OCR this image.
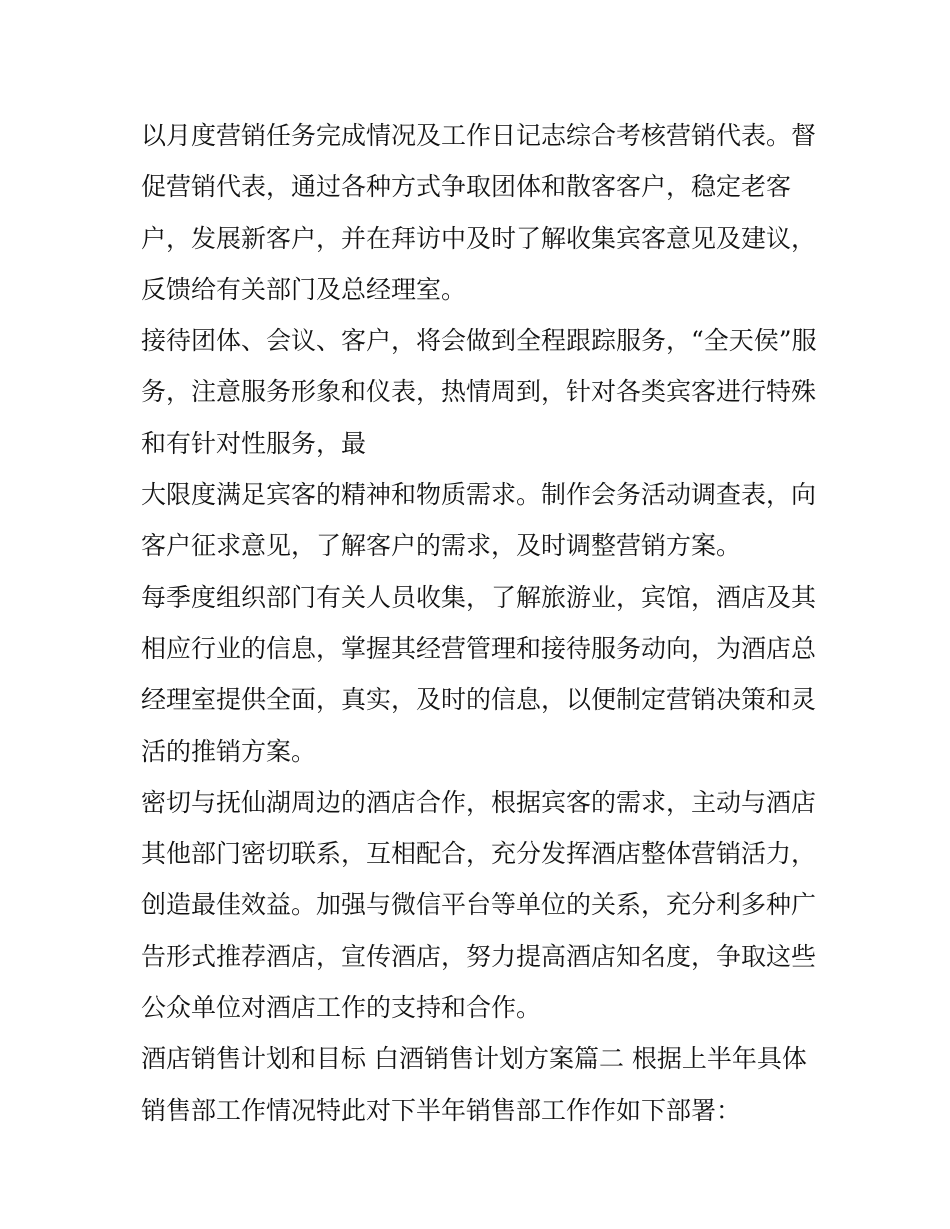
以月度营销任务完成情况及工作日记志综合考核营销代表。督
促营销代表，通过各种方式争取团体和散客客户，稳定老客
户，发展新客户，并在拜访中及时了解收集宾客意见及建议，
反馈给有关部门及总经理室。
接待团体、会议、客户，将会做到全程跟踪服务，“全天侯”服
务，注意服务形象和仪表，热情周到，针对各类宾客进行特殊
和有针对性服务，最
大限度满足宾客的精神和物质需求。制作会务活动调查表，向
客户征求意见，了解客户的需求，及时调整营销方案。
每季度组织部门有关人员收集，了解旅游业，宾馆，酒店及其
相应行业的信息，掌握其经营管理和接待服务动向，为酒店总
经理室提供全面，真实，及时的信息，以便制定营销决策和灵
活的推销方案。
密切与抚仙湖周边的酒店合作，根据宾客的需求，主动与酒店
其他部门密切联系，互相配合，充分发挥酒店整体营销活力，
创造最佳效益。加强与微信平台等单位的关系，充分利多种广
告形式推荐酒店，宣传酒店，努力提高酒店知名度，争取这些
公众单位对酒店工作的支持和合作。
酒店销售计划和目标 白酒销售计划方案篇二 根据上半年具体
销售部工作情况特此对下半年销售部工作作如下部署：
